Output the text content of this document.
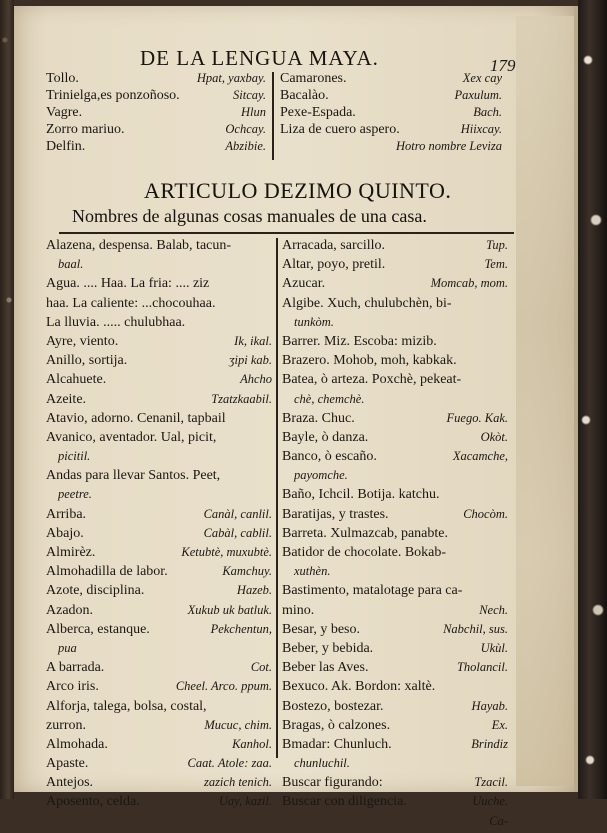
DE LA LENGUA MAYA.	179
Tollo.	Hpat, yaxbay.
Trinielga,es ponzoñoso.	Sitcay.
Vagre.	Hlun
Zorro mariuo.	Ochcay.
Delfin.	Abzibie.
Camarones.	Xex cay
Bacalào.	Paxulum.
Pexe-Espada.	Bach.
Liza de cuero aspero.	Hiixcay.
Hotro nombre Leviza
ARTICULO DEZIMO QUINTO.
Nombres de algunas cosas manuales de una casa.
Alazena, despensa. Balab, tacun-
baal.
Agua. .... Haa. La fria: .... ziz
haa. La caliente: ...chocouhaa.
La lluvia. ..... chulubhaa.
Ayre, viento.	Ik, ikal.
Anillo, sortija.	ʒipi kab.
Alcahuete.	Ahcho
Azeite.	Tzatzkaabil.
Atavio, adorno. Cenanil, tapbail
Avanico, aventador. Ual, picit,
picitil.
Andas para llevar Santos. Peet,
peetre.
Arriba.	Canàl, canlil.
Abajo.	Cabàl, cablil.
Almirèz.	Ketubtè, muxubtè.
Almohadilla de labor.	Kamchuy.
Azote, disciplina.	Hazeb.
Azadon.	Xukub uk batluk.
Alberca, estanque.	Pekchentun,
pua
A barrada.	Cot.
Arco iris.	Cheel. Arco. ppum.
Alforja, talega, bolsa, costal,
zurron.	Mucuc, chim.
Almohada.	Kanhol.
Apaste.	Caat. Atole: zaa.
Antejos.	zazich tenich.
Aposento, celda.	Uay, kazil.
Arracada, sarcillo.	Tup.
Altar, poyo, pretil.	Tem.
Azucar.	Momcab, mom.
Algibe. Xuch, chulubchèn, bi-
tunkòm.
Barrer. Miz. Escoba: mizib.
Brazero. Mohob, moh, kabkak.
Batea, ò arteza. Poxchè, pekeat-
chè, chemchè.
Braza. Chuc.	Fuego. Kak.
Bayle, ò danza.	Okòt.
Banco, ò escaño.	Xacamche,
payomche.
Baño, Ichcil. Botija. katchu.
Baratijas, y trastes.	Chocòm.
Barreta. Xulmazcab, panabte.
Batidor de chocolate. Bokab-
xuthèn.
Bastimento, matalotage para ca-
mino.	Nech.
Besar, y beso.	Nabchil, sus.
Beber, y bebida.	Ukùl.
Beber las Aves.	Tholancil.
Bexuco. Ak. Bordon: xaltè.
Bostezo, bostezar.	Hayab.
Bragas, ò calzones.	Ex.
Bmadar: Chunluch.	Brindiz
chunluchil.
Buscar figurando:	Tzacil.
Buscar con diligencia.	Uuche.
Ca-
